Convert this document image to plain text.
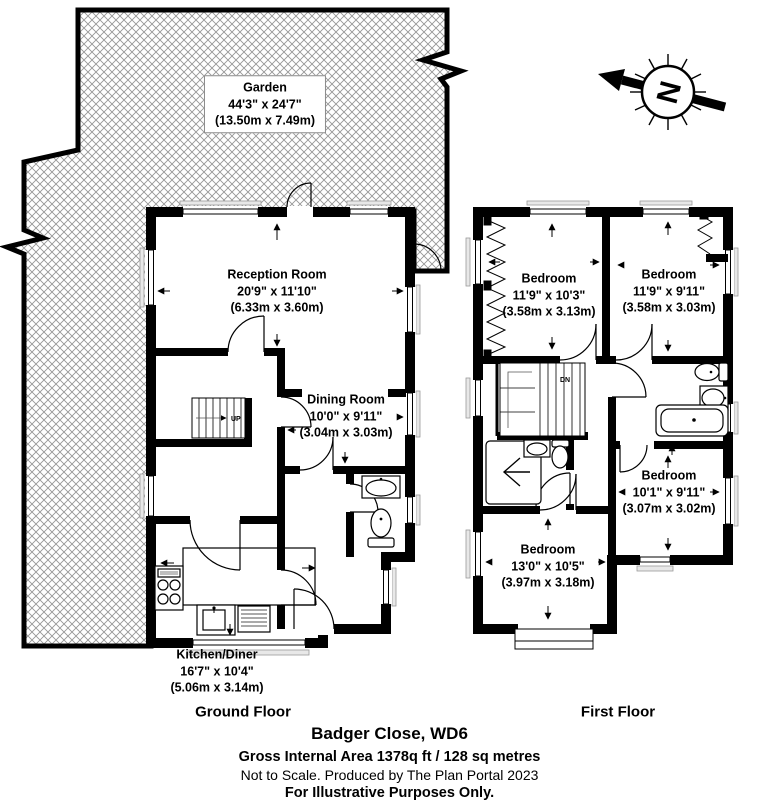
UP
DN
N
Garden
44'3" x 24'7"
(13.50m x 7.49m)
Reception Room
20'9" x 11'10"
(6.33m x 3.60m)
Dining Room
10'0" x 9'11"
(3.04m x 3.03m)
Kitchen/Diner
16'7" x 10'4"
(5.06m x 3.14m)
Bedroom
11'9" x 10'3"
(3.58m x 3.13m)
Bedroom
11'9" x 9'11"
(3.58m x 3.03m)
Bedroom
10'1" x 9'11"
(3.07m x 3.02m)
Bedroom
13'0" x 10'5"
(3.97m x 3.18m)
Ground Floor	First Floor
Badger Close, WD6
Gross Internal Area 1378q ft / 128 sq metres
Not to Scale. Produced by The Plan Portal 2023
For Illustrative Purposes Only.
